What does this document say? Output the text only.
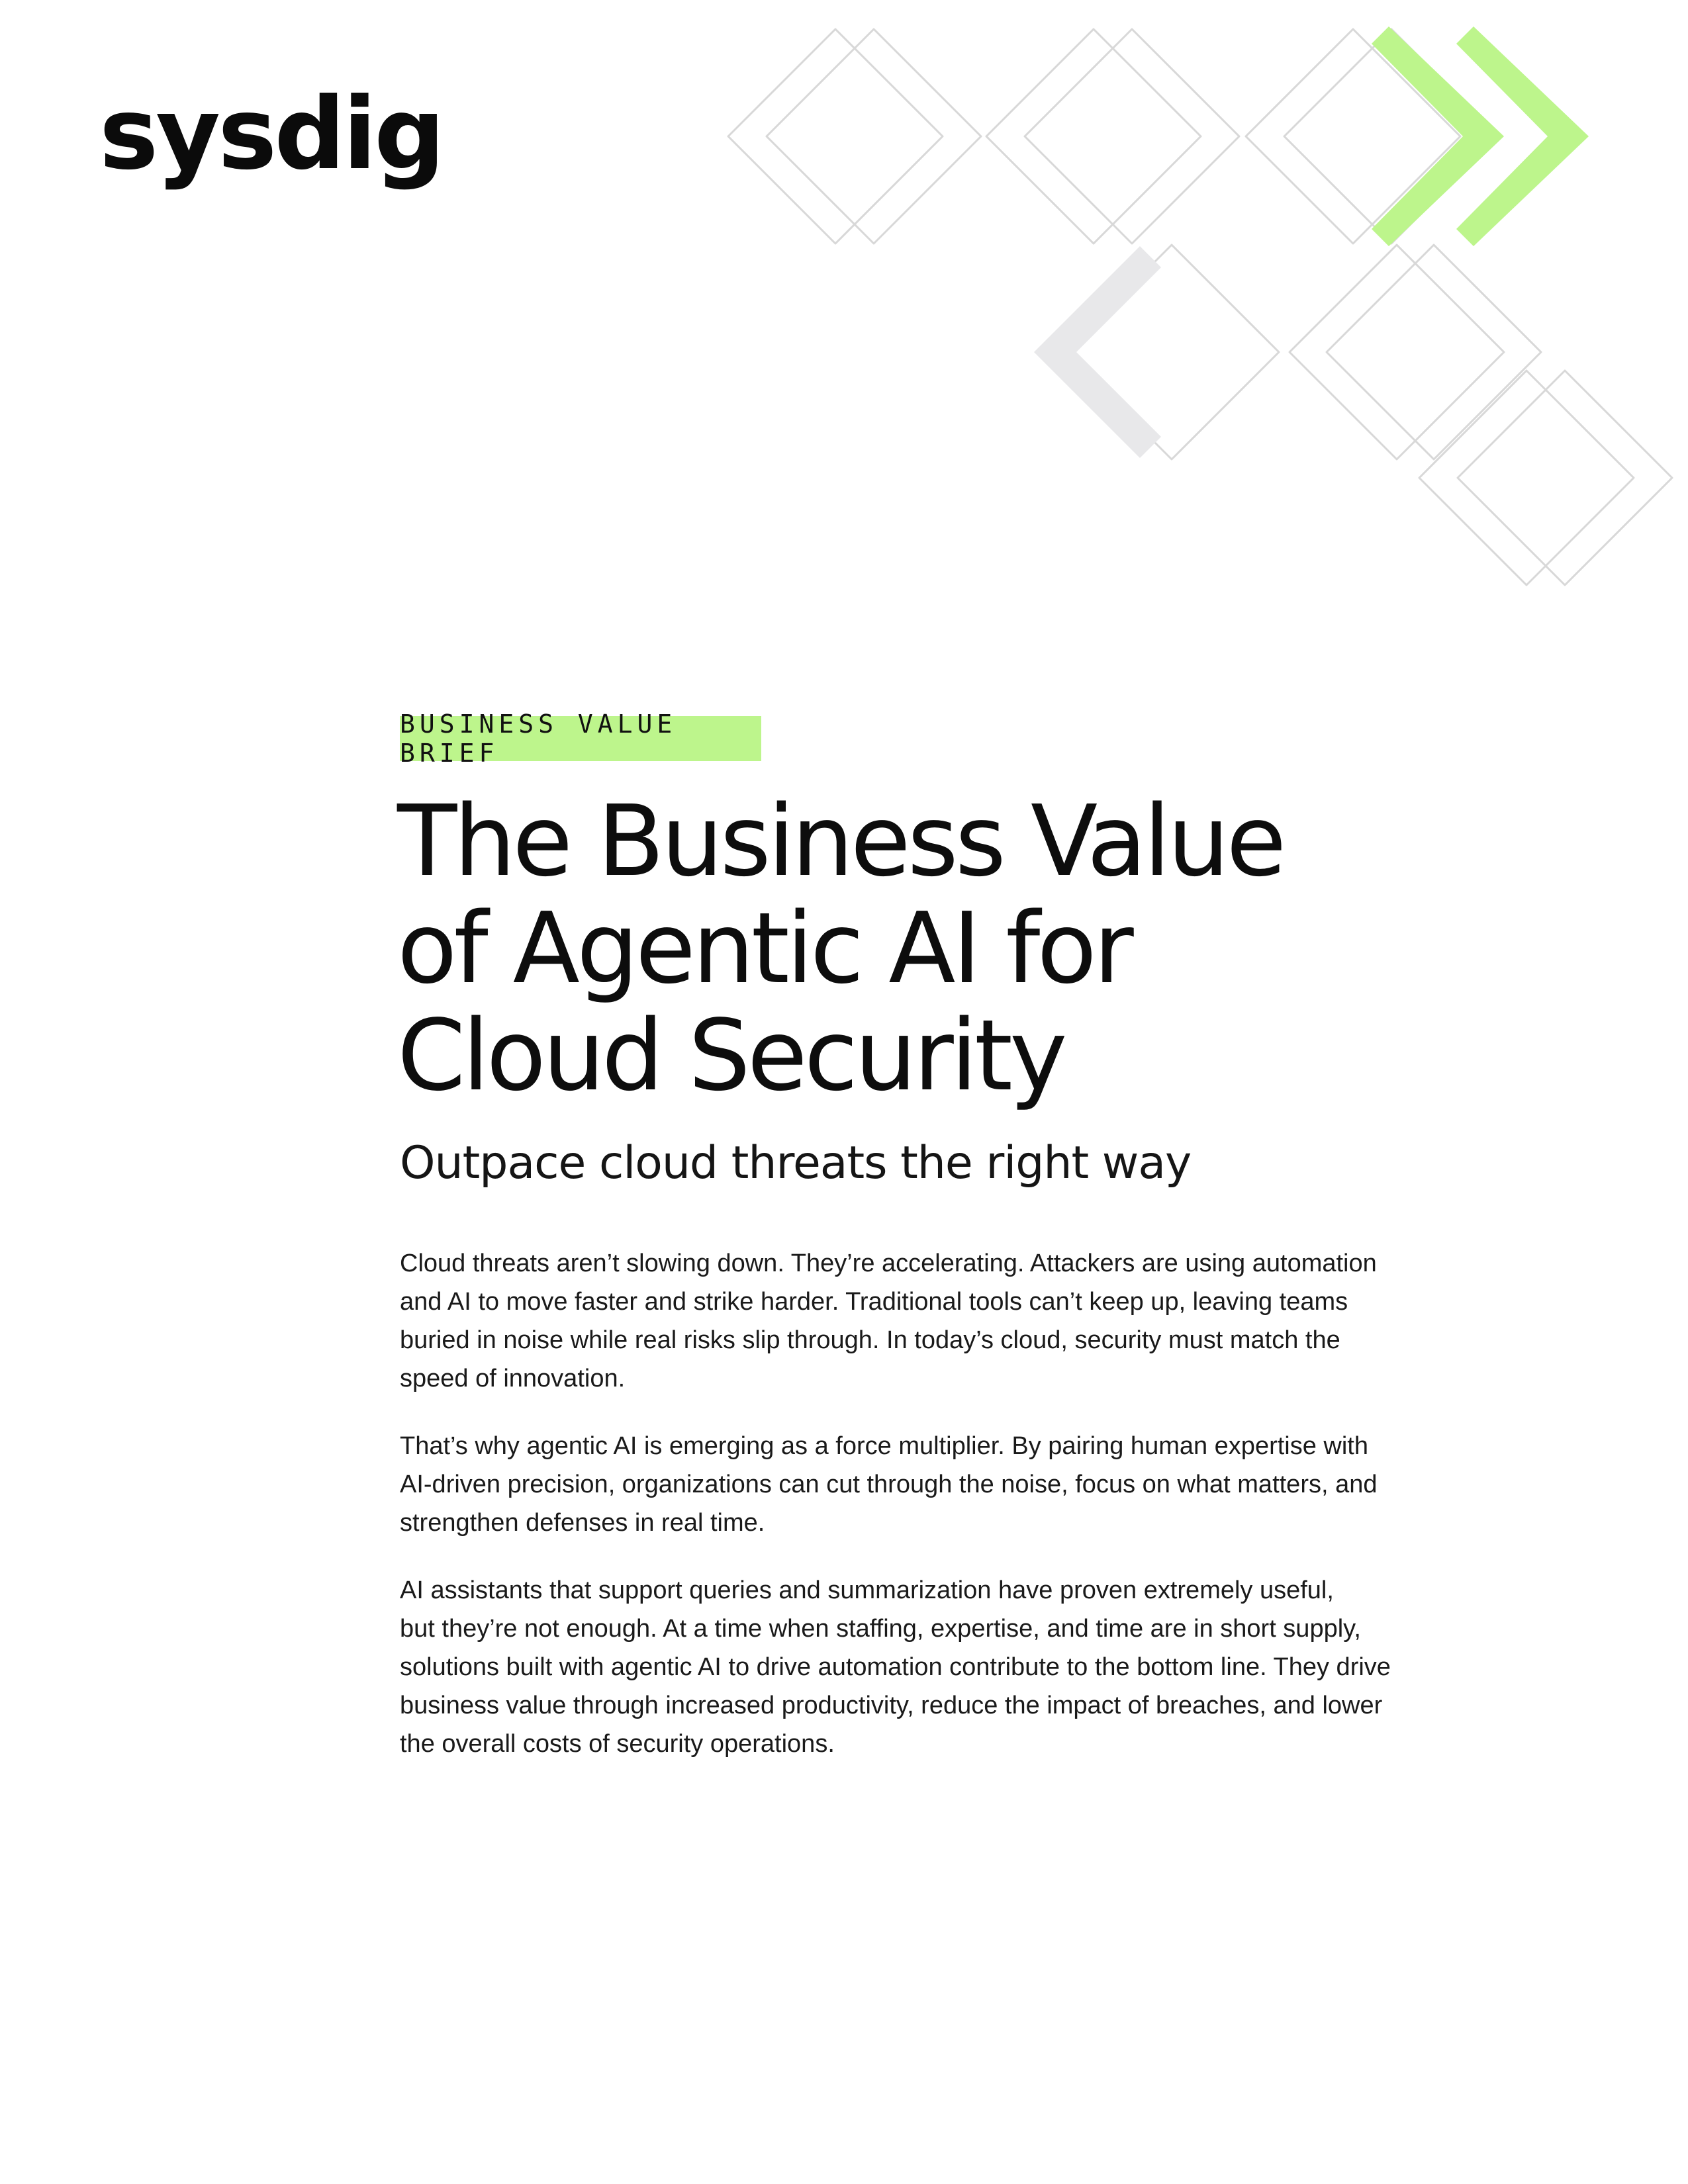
sysdig
BUSINESS VALUE BRIEF
The Business Value
of Agentic AI for
Cloud Security
Outpace cloud threats the right way

Cloud threats aren’t slowing down. They’re accelerating. Attackers are using automation
and AI to move faster and strike harder. Traditional tools can’t keep up, leaving teams
buried in noise while real risks slip through. In today’s cloud, security must match the
speed of innovation.

That’s why agentic AI is emerging as a force multiplier. By pairing human expertise with
AI-driven precision, organizations can cut through the noise, focus on what matters, and
strengthen defenses in real time.

AI assistants that support queries and summarization have proven extremely useful,
but they’re not enough. At a time when staffing, expertise, and time are in short supply,
solutions built with agentic AI to drive automation contribute to the bottom line. They drive
business value through increased productivity, reduce the impact of breaches, and lower
the overall costs of security operations.
